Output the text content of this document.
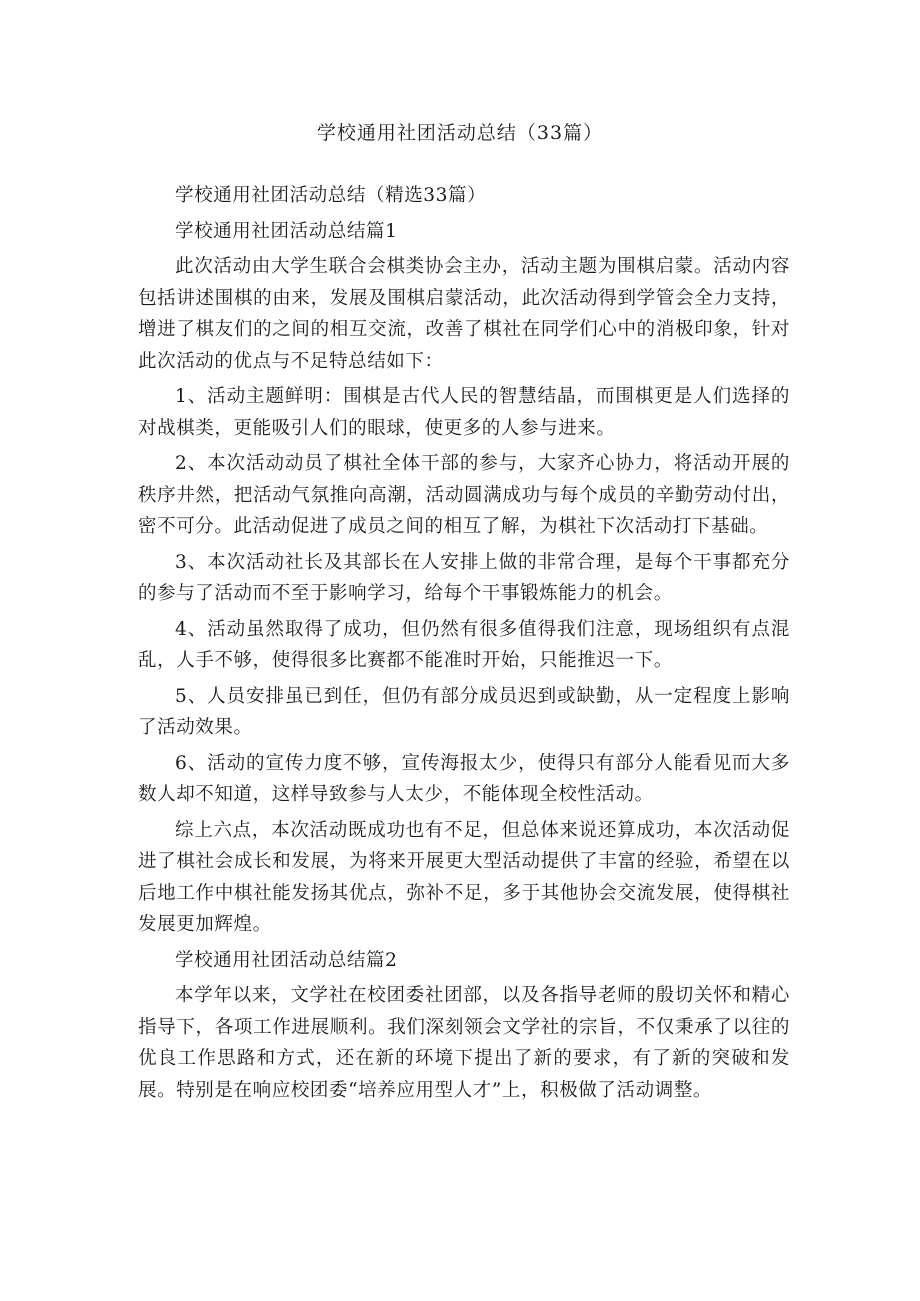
学校通用社团活动总结（33篇）

学校通用社团活动总结（精选33篇）

学校通用社团活动总结篇1

此次活动由大学生联合会棋类协会主办，活动主题为围棋启蒙。活动内容包括讲述围棋的由来，发展及围棋启蒙活动，此次活动得到学管会全力支持，增进了棋友们的之间的相互交流，改善了棋社在同学们心中的消极印象，针对此次活动的优点与不足特总结如下：

1、活动主题鲜明：围棋是古代人民的智慧结晶，而围棋更是人们选择的对战棋类，更能吸引人们的眼球，使更多的人参与进来。

2、本次活动动员了棋社全体干部的参与，大家齐心协力，将活动开展的秩序井然，把活动气氛推向高潮，活动圆满成功与每个成员的辛勤劳动付出，密不可分。此活动促进了成员之间的相互了解，为棋社下次活动打下基础。

3、本次活动社长及其部长在人安排上做的非常合理，是每个干事都充分的参与了活动而不至于影响学习，给每个干事锻炼能力的机会。

4、活动虽然取得了成功，但仍然有很多值得我们注意，现场组织有点混乱，人手不够，使得很多比赛都不能准时开始，只能推迟一下。

5、人员安排虽已到任，但仍有部分成员迟到或缺勤，从一定程度上影响了活动效果。

6、活动的宣传力度不够，宣传海报太少，使得只有部分人能看见而大多数人却不知道，这样导致参与人太少，不能体现全校性活动。

综上六点，本次活动既成功也有不足，但总体来说还算成功，本次活动促进了棋社会成长和发展，为将来开展更大型活动提供了丰富的经验，希望在以后地工作中棋社能发扬其优点，弥补不足，多于其他协会交流发展，使得棋社发展更加辉煌。

学校通用社团活动总结篇2

本学年以来，文学社在校团委社团部，以及各指导老师的殷切关怀和精心指导下，各项工作进展顺利。我们深刻领会文学社的宗旨，不仅秉承了以往的优良工作思路和方式，还在新的环境下提出了新的要求，有了新的突破和发展。特别是在响应校团委“培养应用型人才”上，积极做了活动调整。
